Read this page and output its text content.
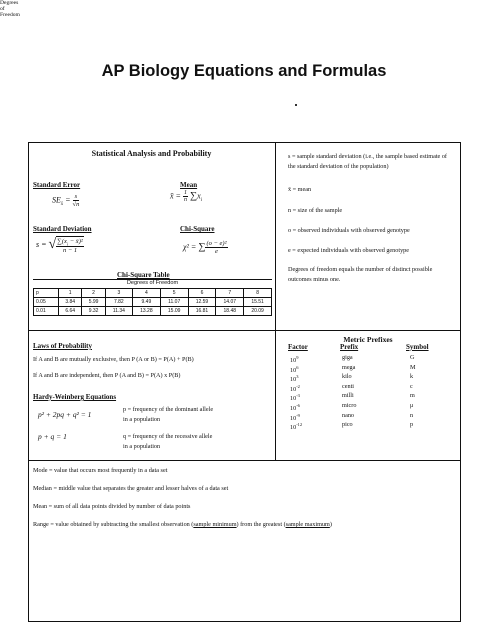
AP Biology Equations and Formulas
Statistical Analysis and Probability
Standard Error	Mean
$SE_{x̄} = \frac{s}{√n}$	x̄ = $\frac{1}{n} \sum x_i$
Standard Deviation	Chi-Square
s = √ $\frac{\sum(x_i - x̄)^2}{n - 1}$	χ² = ∑ $\frac{\text{(o − e)²}}{e}$
Chi-Square Table
Degrees of Freedom
Degrees of Freedom
p	1	2	3	4	5	6	7	8
0.05	3.84	5.99	7.82	9.49	11.07	12.59	14.07	15.51
0.01	6.64	9.32	11.34	13.28	15.09	16.81	18.48	20.09
s = sample standard deviation (i.e., the sample based estimate of the standard deviation of the population)
x̄ = mean
n = size of the sample
o = observed individuals with observed genotype
e = expected individuals with observed genotype
Degrees of freedom equals the number of distinct possible outcomes minus one.
Laws of Probability
If A and B are mutually exclusive, then P (A or B) = P(A) + P(B)
If A and B are independent, then P (A and B) = P(A) x P(B)
Hardy-Weinberg Equations
p² + 2pq + q² = 1
p + q = 1
p = frequency of the dominant allele
in a population
q = frequency of the recessive allele
in a population
Metric Prefixes
Factor	Prefix	Symbol
$10^9$	giga	G
$10^6$	mega	M
$10^3$	kilo	k
$10^{-2}$	centi	c
$10^{-3}$	milli	m
$10^{-6}$	micro	μ
$10^{-9}$	nano	n
$10^{-12}$	pico	p
Mode = value that occurs most frequently in a data set
Median = middle value that separates the greater and lesser halves of a data set
Mean = sum of all data points divided by number of data points
Range = value obtained by subtracting the smallest observation (sample minimum) from the greatest (sample maximum)
